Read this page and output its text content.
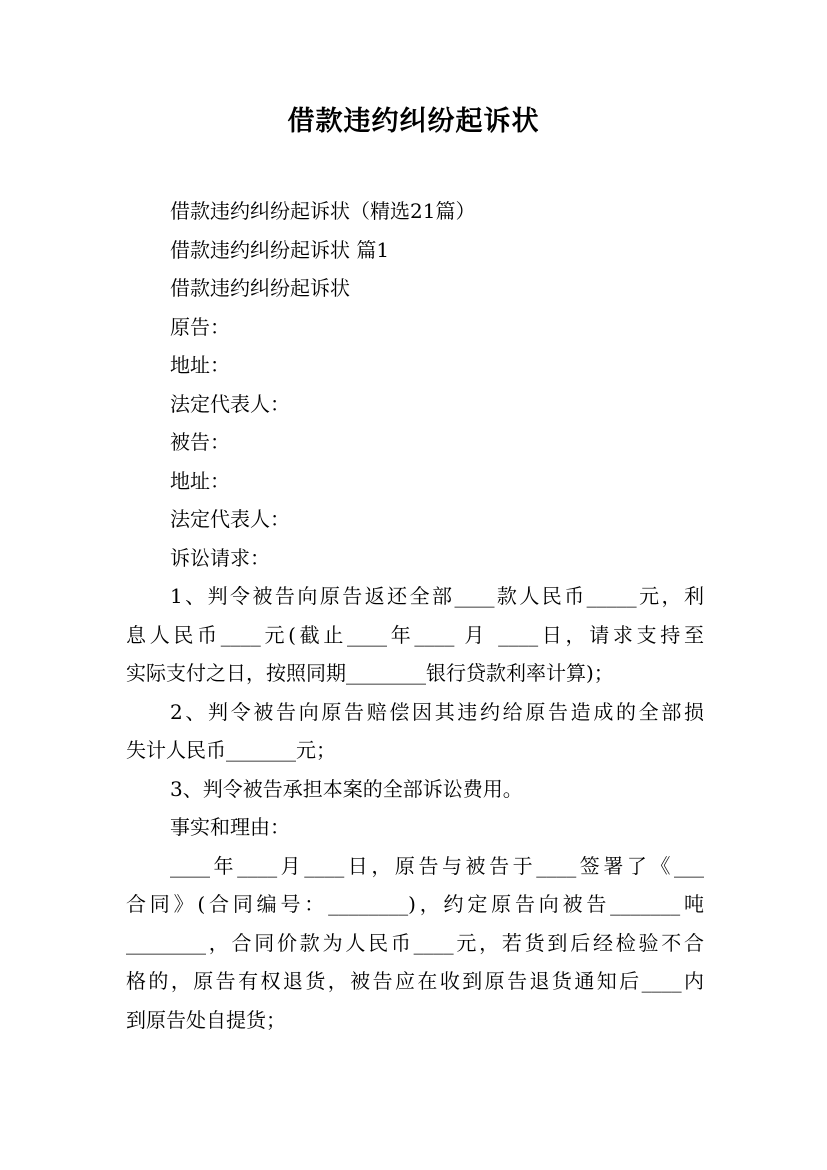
借款违约纠纷起诉状
借款违约纠纷起诉状（精选21篇）
借款违约纠纷起诉状 篇1
借款违约纠纷起诉状
原告：
地址：
法定代表人：
被告：
地址：
法定代表人：
诉讼请求：
1、判令被告向原告返还全部____款人民币_____元，利
息人民币____元(截止____年____ 月 ____日，请求支持至
实际支付之日，按照同期________银行贷款利率计算)；
2、判令被告向原告赔偿因其违约给原告造成的全部损
失计人民币_______元；
3、判令被告承担本案的全部诉讼费用。
事实和理由：
____年____月____日，原告与被告于____签署了《___
合同》(合同编号：________)，约定原告向被告_______吨
________，合同价款为人民币____元，若货到后经检验不合
格的，原告有权退货，被告应在收到原告退货通知后____内
到原告处自提货；
